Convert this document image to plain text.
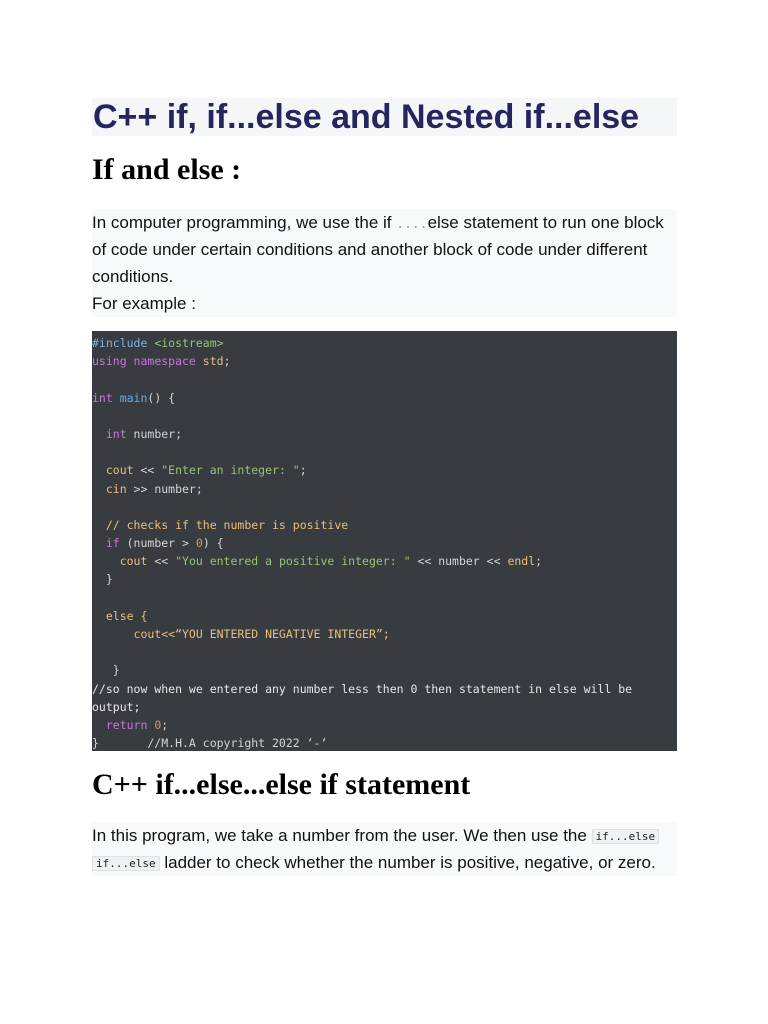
C++ if, if...else and Nested if...else
If and else :
In computer programming, we use the if ....else statement to run one block
of code under certain conditions and another block of code under different
conditions.
For example :
#include <iostream>
using namespace std;

int main() {

int number;

cout << "Enter an integer: ";
cin >> number;

// checks if the number is positive
if (number > 0) {
cout << "You entered a positive integer: " << number << endl;
}

else {
cout<<“YOU ENTERED NEGATIVE INTEGER”;

}
//so now when we entered any number less then 0 then statement in else will be
output;
return 0;
}       //M.H.A copyright 2022 ‘-‘
C++ if...else...else if statement
In this program, we take a number from the user. We then use the if...else
if...else ladder to check whether the number is positive, negative, or zero.
